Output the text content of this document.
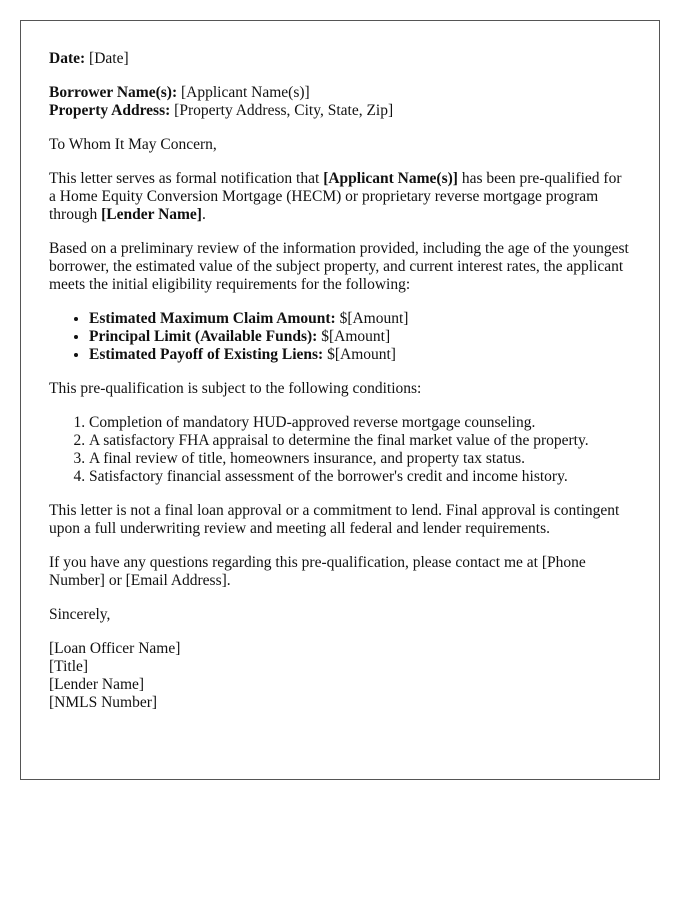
Date: [Date]

Borrower Name(s): [Applicant Name(s)]

Property Address: [Property Address, City, State, Zip]

To Whom It May Concern,

This letter serves as formal notification that [Applicant Name(s)] has been pre-qualified for a Home Equity Conversion Mortgage (HECM) or proprietary reverse mortgage program through [Lender Name].

Based on a preliminary review of the information provided, including the age of the youngest borrower, the estimated value of the subject property, and current interest rates, the applicant meets the initial eligibility requirements for the following:

• Estimated Maximum Claim Amount: $[Amount]
• Principal Limit (Available Funds): $[Amount]
• Estimated Payoff of Existing Liens: $[Amount]

This pre-qualification is subject to the following conditions:

1. Completion of mandatory HUD-approved reverse mortgage counseling.
2. A satisfactory FHA appraisal to determine the final market value of the property.
3. A final review of title, homeowners insurance, and property tax status.
4. Satisfactory financial assessment of the borrower's credit and income history.

This letter is not a final loan approval or a commitment to lend. Final approval is contingent upon a full underwriting review and meeting all federal and lender requirements.

If you have any questions regarding this pre-qualification, please contact me at [Phone Number] or [Email Address].

Sincerely,

[Loan Officer Name]

[Title]

[Lender Name]

[NMLS Number]
